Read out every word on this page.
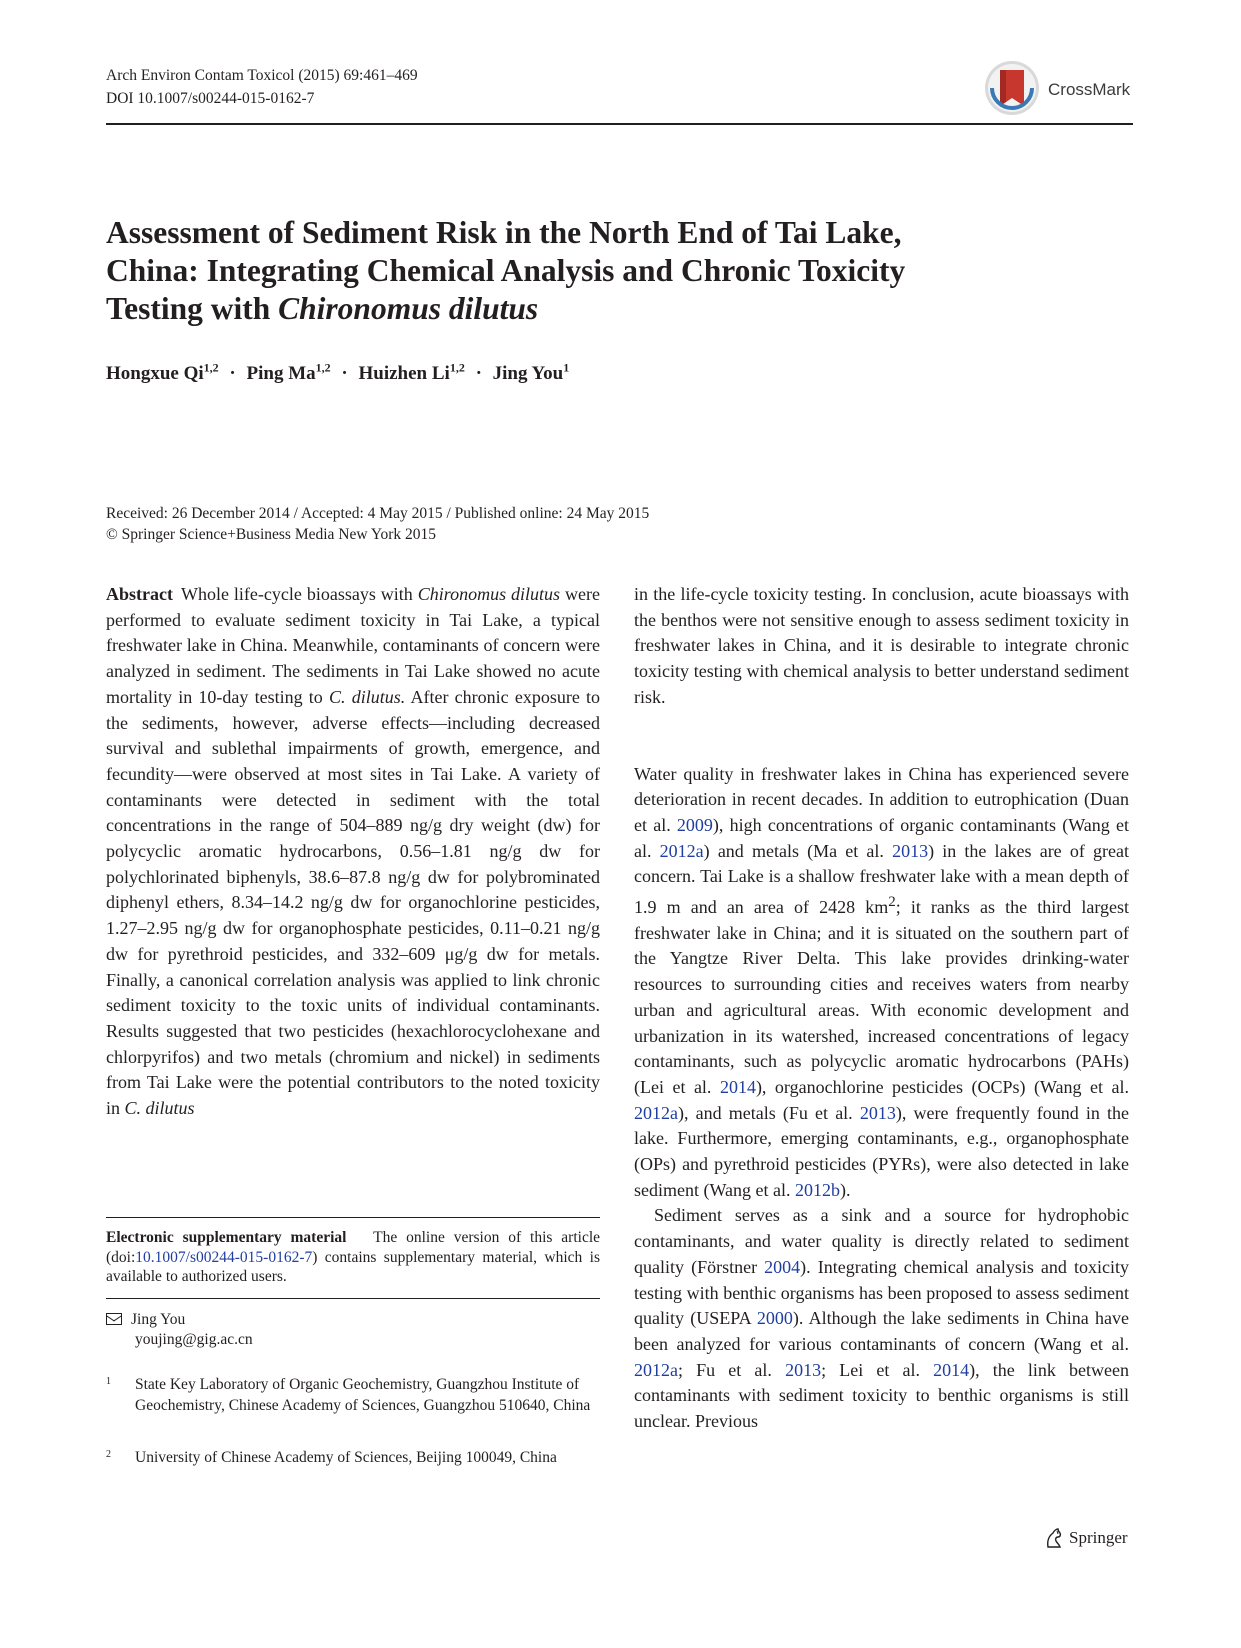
Arch Environ Contam Toxicol (2015) 69:461–469
DOI 10.1007/s00244-015-0162-7	CrossMark
Assessment of Sediment Risk in the North End of Tai Lake,
China: Integrating Chemical Analysis and Chronic Toxicity
Testing with Chironomus dilutus
Hongxue Qi$^{1,2}$ · Ping Ma$^{1,2}$ · Huizhen Li$^{1,2}$ · Jing You$^1$
Received: 26 December 2014 / Accepted: 4 May 2015 / Published online: 24 May 2015
© Springer Science+Business Media New York 2015

Abstract Whole life-cycle bioassays with Chironomus dilutus were performed to evaluate sediment toxicity in Tai Lake, a typical freshwater lake in China. Meanwhile, contaminants of concern were analyzed in sediment. The sediments in Tai Lake showed no acute mortality in 10-day testing to C. dilutus. After chronic exposure to the sediments, however, adverse effects—including decreased survival and sublethal impairments of growth, emergence, and fecundity—were observed at most sites in Tai Lake. A variety of contaminants were detected in sediment with the total concentrations in the range of 504–889 ng/g dry weight (dw) for polycyclic aromatic hydrocarbons, 0.56–1.81 ng/g dw for polychlorinated biphenyls, 38.6–87.8 ng/g dw for polybrominated diphenyl ethers, 8.34–14.2 ng/g dw for organochlorine pesticides, 1.27–2.95 ng/g dw for organophosphate pesticides, 0.11–0.21 ng/g dw for pyrethroid pesticides, and 332–609 μg/g dw for metals. Finally, a canonical correlation analysis was applied to link chronic sediment toxicity to the toxic units of individual contaminants. Results suggested that two pesticides (hexachlorocyclohexane and chlorpyrifos) and two metals (chromium and nickel) in sediments from Tai Lake were the potential contributors to the noted toxicity in C. dilutus

in the life-cycle toxicity testing. In conclusion, acute bioassays with the benthos were not sensitive enough to assess sediment toxicity in freshwater lakes in China, and it is desirable to integrate chronic toxicity testing with chemical analysis to better understand sediment risk.

Water quality in freshwater lakes in China has experienced severe deterioration in recent decades. In addition to eutrophication (Duan et al. 2009), high concentrations of organic contaminants (Wang et al. 2012a) and metals (Ma et al. 2013) in the lakes are of great concern. Tai Lake is a shallow freshwater lake with a mean depth of 1.9 m and an area of 2428 $km^2$; it ranks as the third largest freshwater lake in China; and it is situated on the southern part of the Yangtze River Delta. This lake provides drinking-water resources to surrounding cities and receives waters from nearby urban and agricultural areas. With economic development and urbanization in its watershed, increased concentrations of legacy contaminants, such as polycyclic aromatic hydrocarbons (PAHs) (Lei et al. 2014), organochlorine pesticides (OCPs) (Wang et al. 2012a), and metals (Fu et al. 2013), were frequently found in the lake. Furthermore, emerging contaminants, e.g., organophosphate (OPs) and pyrethroid pesticides (PYRs), were also detected in lake sediment (Wang et al. 2012b).

Sediment serves as a sink and a source for hydrophobic contaminants, and water quality is directly related to sediment quality (Förstner 2004). Integrating chemical analysis and toxicity testing with benthic organisms has been proposed to assess sediment quality (USEPA 2000). Although the lake sediments in China have been analyzed for various contaminants of concern (Wang et al. 2012a; Fu et al. 2013; Lei et al. 2014), the link between contaminants with sediment toxicity to benthic organisms is still unclear. Previous

Electronic supplementary material The online version of this article (doi:10.1007/s00244-015-0162-7) contains supplementary material, which is available to authorized users.
Jing You
youjing@gig.ac.cn
1	State Key Laboratory of Organic Geochemistry, Guangzhou Institute of Geochemistry, Chinese Academy of Sciences, Guangzhou 510640, China
2	University of Chinese Academy of Sciences, Beijing 100049, China
Springer
